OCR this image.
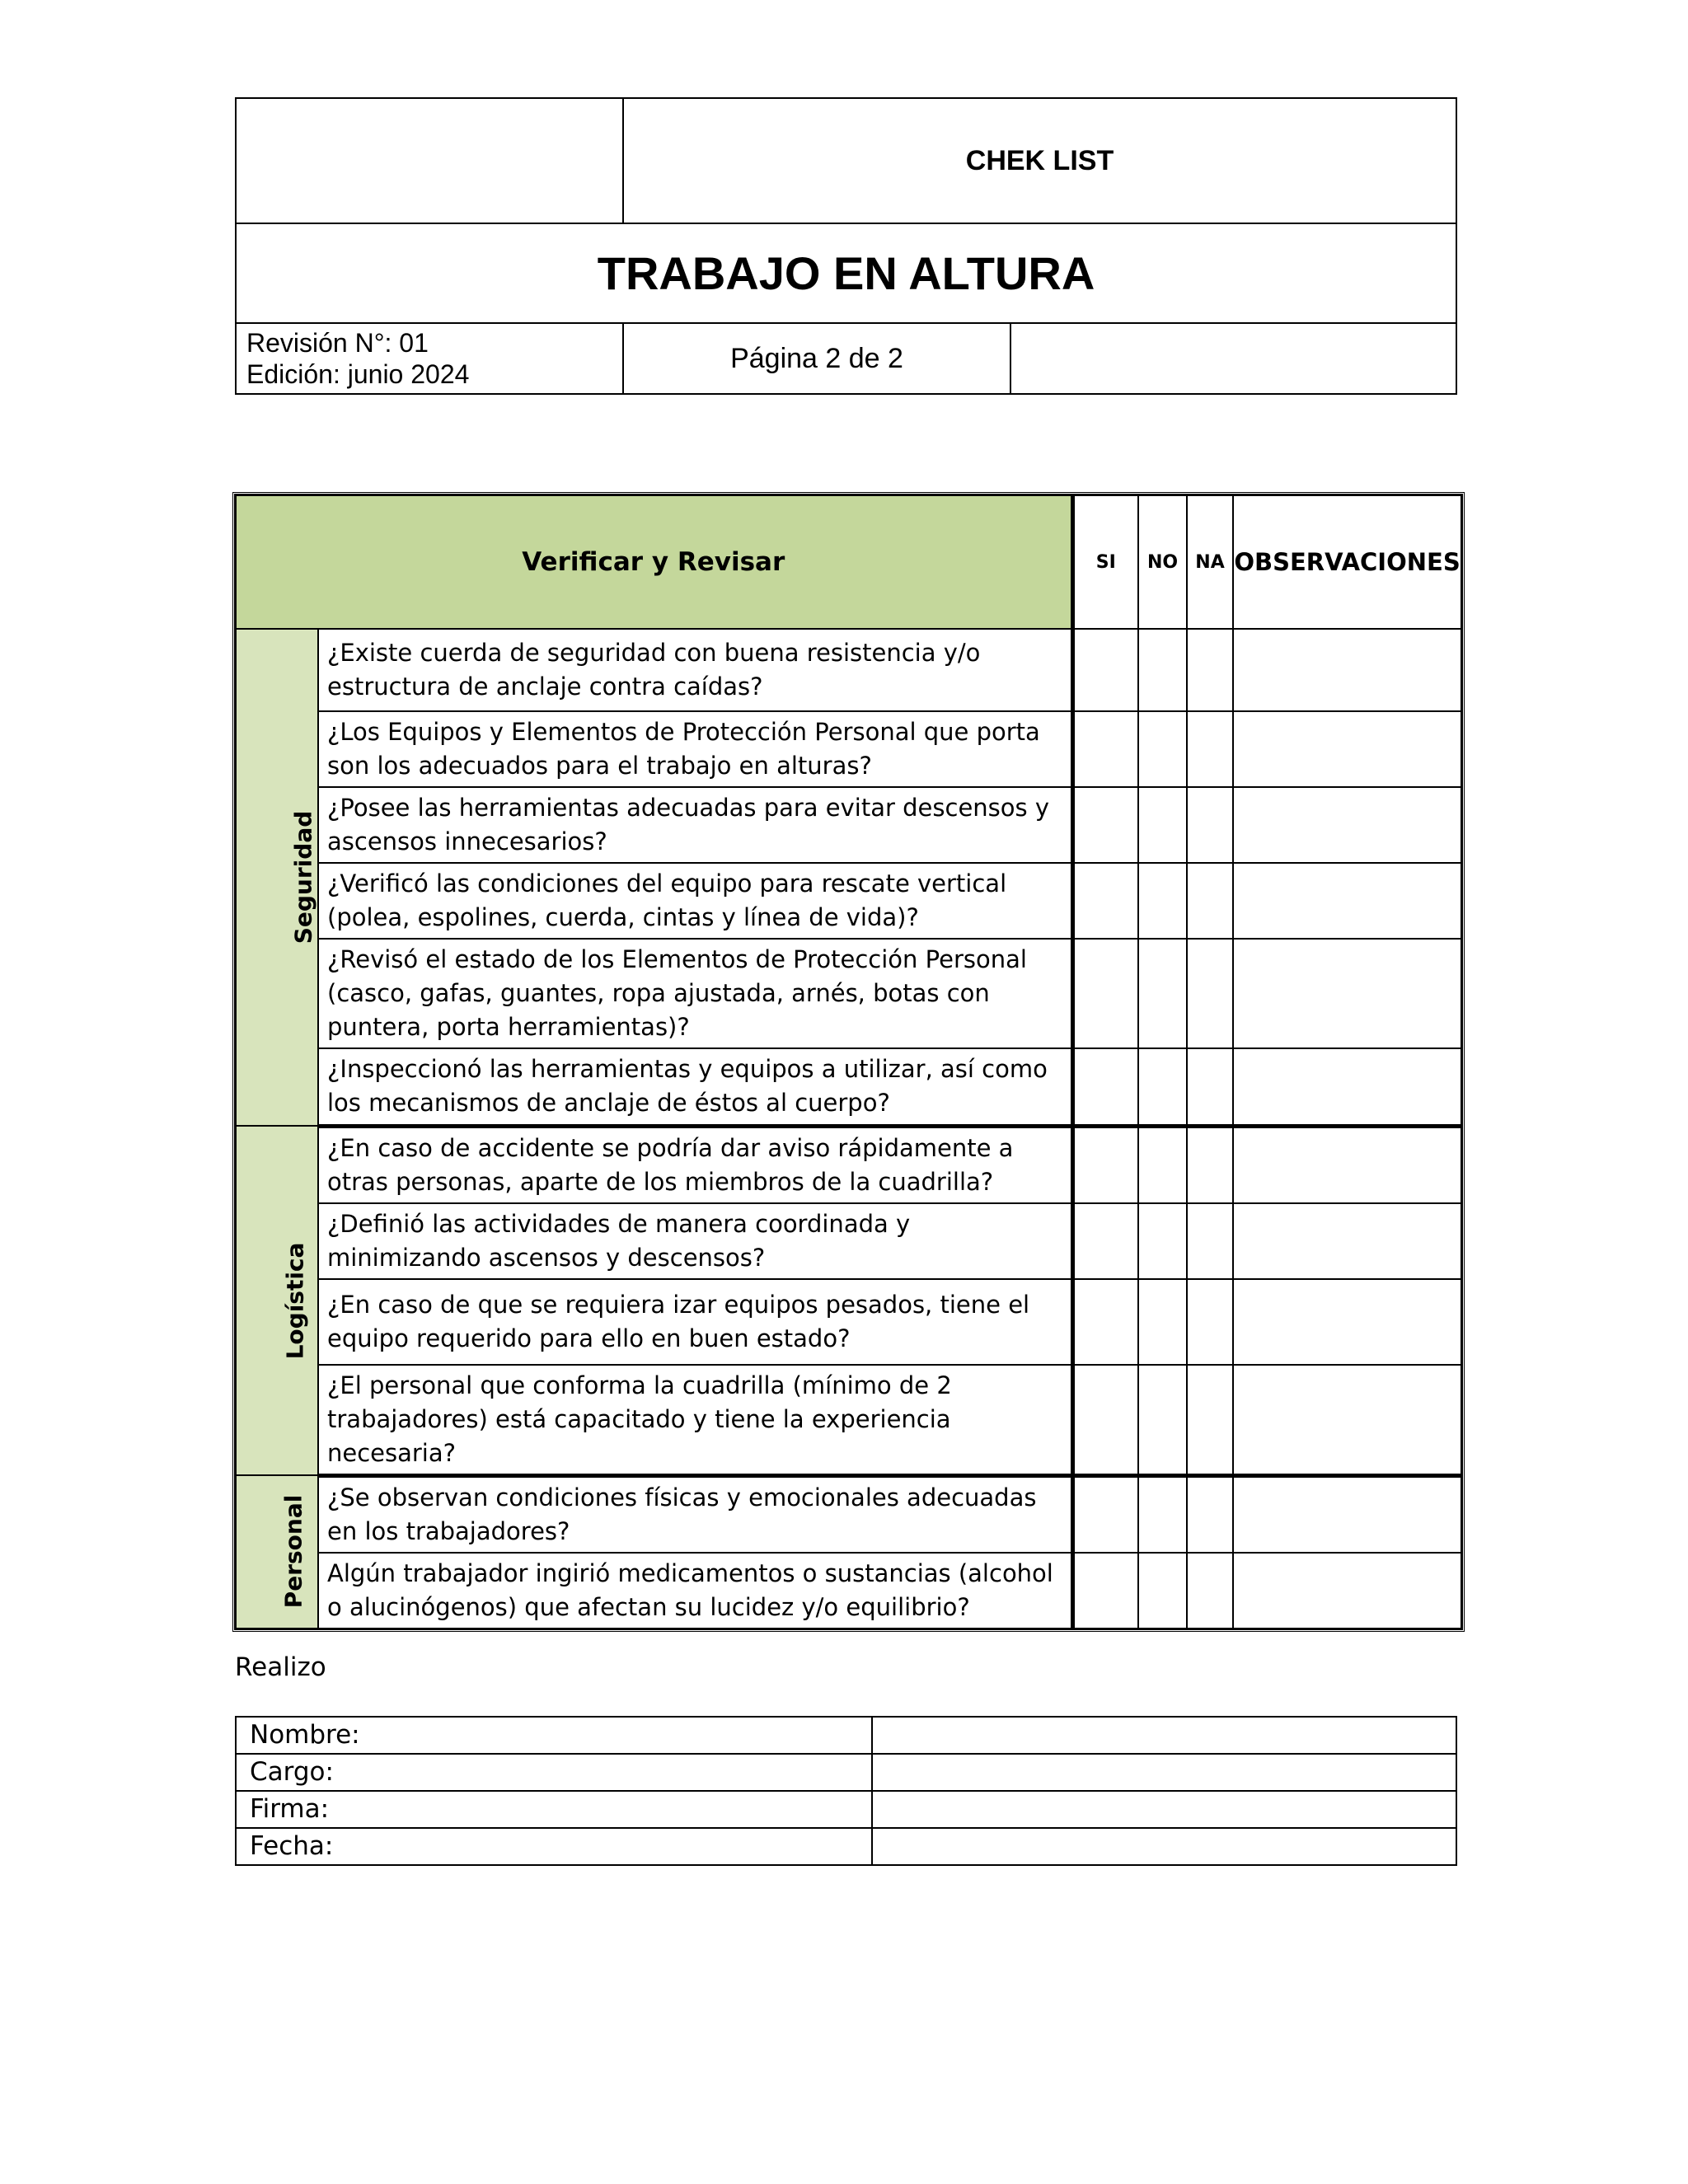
CHEK LIST
TRABAJO EN ALTURA
Revisión N°: 01
Edición: junio 2024
Página 2 de 2
Verificar y Revisar		SI	NO	NA	OBSERVACIONES
Seguridad	¿Existe cuerda de seguridad con buena resistencia y/o estructura de anclaje contra caídas?				
	¿Los Equipos y Elementos de Protección Personal que porta son los adecuados para el trabajo en alturas?				
	¿Posee las herramientas adecuadas para evitar descensos y ascensos innecesarios?				
	¿Verificó las condiciones del equipo para rescate vertical (polea, espolines, cuerda, cintas y línea de vida)?				
	¿Revisó el estado de los Elementos de Protección Personal (casco, gafas, guantes, ropa ajustada, arnés, botas con puntera, porta herramientas)?				
	¿Inspeccionó las herramientas y equipos a utilizar, así como los mecanismos de anclaje de éstos al cuerpo?				
Logística	¿En caso de accidente se podría dar aviso rápidamente a otras personas, aparte de los miembros de la cuadrilla?				
	¿Definió las actividades de manera coordinada y minimizando ascensos y descensos?				
	¿En caso de que se requiera izar equipos pesados, tiene el equipo requerido para ello en buen estado?				
	¿El personal que conforma la cuadrilla (mínimo de 2 trabajadores) está capacitado y tiene la experiencia necesaria?				
Personal	¿Se observan condiciones físicas y emocionales adecuadas en los trabajadores?				
	Algún trabajador ingirió medicamentos o sustancias (alcohol o alucinógenos) que afectan su lucidez y/o equilibrio?				
Realizo
Nombre:	
Cargo:	
Firma:	
Fecha:	
